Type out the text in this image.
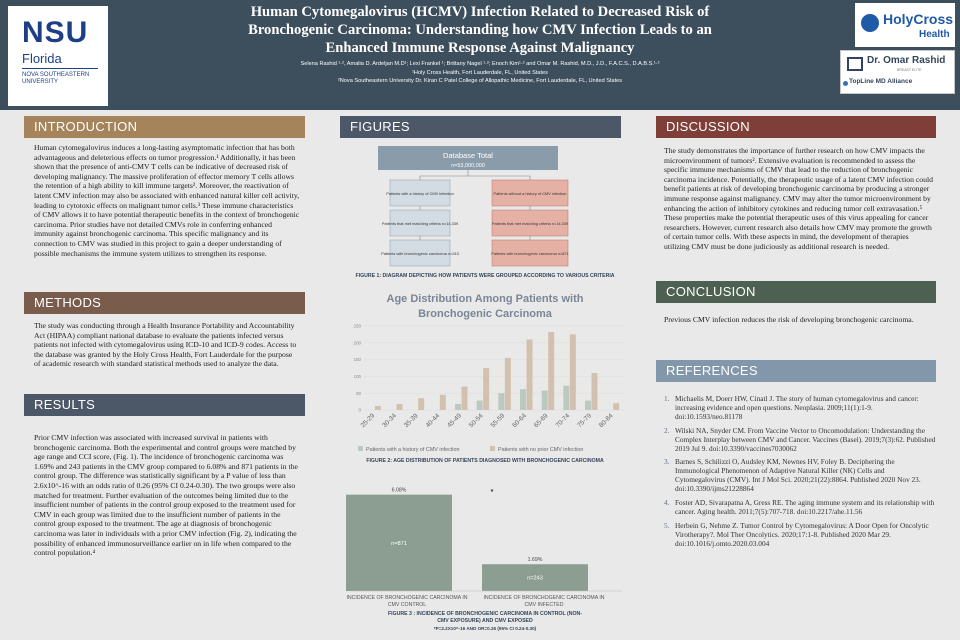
NSU
Florida
NOVA SOUTHEASTERN UNIVERSITY
Human Cytomegalovirus (HCMV) Infection Related to Decreased Risk of Bronchogenic Carcinoma: Understanding how CMV Infection Leads to an Enhanced Immune Response Against Malignancy
Selena Rashid ¹·², Amalia D. Ardeljan M.D¹; Lexi Frankel ¹; Brittany Nagel ¹·²; Enoch Kim¹·² and Omar M. Rashid, M.D., J.D., F.A.C.S., D.A.B.S.¹·²
¹Holy Cross Health, Fort Lauderdale, FL, United States
²Nova Southeastern University Dr. Kiran C Patel College of Allopathic Medicine, Fort Lauderdale, FL, United States
HolyCross
Health
Dr. Omar Rashid
BREAST ELITE
TopLine MD Alliance
INTRODUCTION
Human cytomegalovirus induces a long-lasting asymptomatic infection that has both advantageous and deleterious effects on tumor progression.¹ Additionally, it has been shown that the presence of anti-CMV T cells can be indicative of decreased risk of developing malignancy. The massive proliferation of effector memory T cells allows the retention of a high ability to kill immune targets². Moreover, the reactivation of latent CMV infection may also be associated with enhanced natural killer cell activity, leading to cytotoxic effects on malignant tumor cells.³ These immune characteristics of CMV allows it to have potential therapeutic benefits in the context of bronchogenic carcinoma. Prior studies have not detailed CMVs role in conferring enhanced immunity against bronchogenic carcinoma. This specific malignancy and its connection to CMV was studied in this project to gain a deeper understanding of possible mechanisms the immune system utilizes to strengthen its response.
METHODS
The study was conducting through a Health Insurance Portability and Accountability Act (HIPAA) compliant national database to evaluate the patients infected versus patients not infected with cytomegalovirus using ICD-10 and ICD-9 codes. Access to the database was granted by the Holy Cross Health, Fort Lauderdale for the purpose of academic research with standard statistical methods used to analyze the data.
RESULTS
Prior CMV infection was associated with increased survival in patients with bronchogenic carcinoma. Both the experimental and control groups were matched by age range and CCI score, (Fig. 1). The incidence of bronchogenic carcinoma was 1.69% and 243 patients in the CMV group compared to 6.08% and 871 patients in the control group. The difference was statistically significant by a P value of less than 2.6x10^-16 with an odds ratio of 0.26 (95% CI 0.24-0.30). The two groups were also matched for treatment. Further evaluation of the outcomes being limited due to the insufficient number of patients in the control group exposed to the treatment used for CMV in each group was limited due to the insufficient number of patients in the control group exposed to the treatment. The age at diagnosis of bronchogenic carcinoma was later in individuals with a prior CMV infection (Fig. 2), indicating the possibility of enhanced immunosurveillance earlier on in life when compared to the control population.⁴
FIGURES
Database Total
n=53,000,000
Patients with a history of CMV infection
Patients that met matching criteria n=14,339
Patients with bronchogenic carcinoma n=243
Patients without a history of CMV infection
Patients that met matching criteria n=14,339
Patients with bronchogenic carcinoma n=871
FIGURE 1: DIAGRAM DEPICTING HOW PATIENTS WERE GROUPED ACCORDING TO VARIOUS CRITERIA
Age Distribution Among Patients with
Bronchogenic Carcinoma
0
50
100
150
200
250
25-29 30-34 35-39 40-44 45-49 50-54 55-59 60-64 65-69 70-74 75-79 80-84
Patients with a history of CMV infection	Patients with no prior CMV infection
FIGURE 2: AGE DISTRIBUTION OF PATIENTS DIAGNOSED WITH BRONCHOGENIC CARCINOMA
6.08%
n=871
1.69%
n=243
*
INCIDENCE OF BRONCHOGENIC CARCINOMA IN
CMV CONTROL
INCIDENCE OF BRONCHOGENIC CARCINOMA IN
CMV INFECTED
FIGURE 3 : INCIDENCE OF BRONCHOGENIC CARCINOMA IN CONTROL (NON-
CMV EXPOSURE) AND CMV EXPOSED
*P=2.2X10^-16 AND OR=0.26 (95% CI 0.24-0.30)
DISCUSSION
The study demonstrates the importance of further research on how CMV impacts the microenvironment of tumors². Extensive evaluation is recommended to assess the specific immune mechanisms of CMV that lead to the reduction of bronchogenic carcinoma incidence. Potentially, the therapeutic usage of a latent CMV infection could benefit patients at risk of developing bronchogenic carcinoma by producing a stronger immune response against malignancy. CMV may alter the tumor microenvironment by enhancing the action of inhibitory cytokines and reducing tumor cell extravasation.⁵ These properties make the potential therapeutic uses of this virus appealing for cancer researchers. However, current research also details how CMV may promote the growth of certain tumor cells. With these aspects in mind, the development of therapies utilizing CMV must be done judiciously as additional research is needed.
CONCLUSION
Previous CMV infection reduces the risk of developing bronchogenic carcinoma.
REFERENCES
1. Michaelis M, Doerr HW, Cinatl J. The story of human cytomegalovirus and cancer: increasing evidence and open questions. Neoplasia. 2009;11(1):1-9. doi:10.1593/neo.81178
2. Wilski NA, Snyder CM. From Vaccine Vector to Oncomodulation: Understanding the Complex Interplay between CMV and Cancer. Vaccines (Basel). 2019;7(3):62. Published 2019 Jul 9. doi:10.3390/vaccines7030062
3. Barnes S, Schilizzi O, Audsley KM, Newnes HV, Foley B. Deciphering the Immunological Phenomenon of Adaptive Natural Killer (NK) Cells and Cytomegalovirus (CMV). Int J Mol Sci. 2020;21(22):8864. Published 2020 Nov 23. doi:10.3390/ijms21228864
4. Foster AD, Sivarapatna A, Gress RE. The aging immune system and its relationship with cancer. Aging health. 2011;7(5):707-718. doi:10.2217/ahe.11.56
5. Herbein G, Nehme Z. Tumor Control by Cytomegalovirus: A Door Open for Oncolytic Virotherapy?. Mol Ther Oncolytics. 2020;17:1-8. Published 2020 Mar 29. doi:10.1016/j.omto.2020.03.004
